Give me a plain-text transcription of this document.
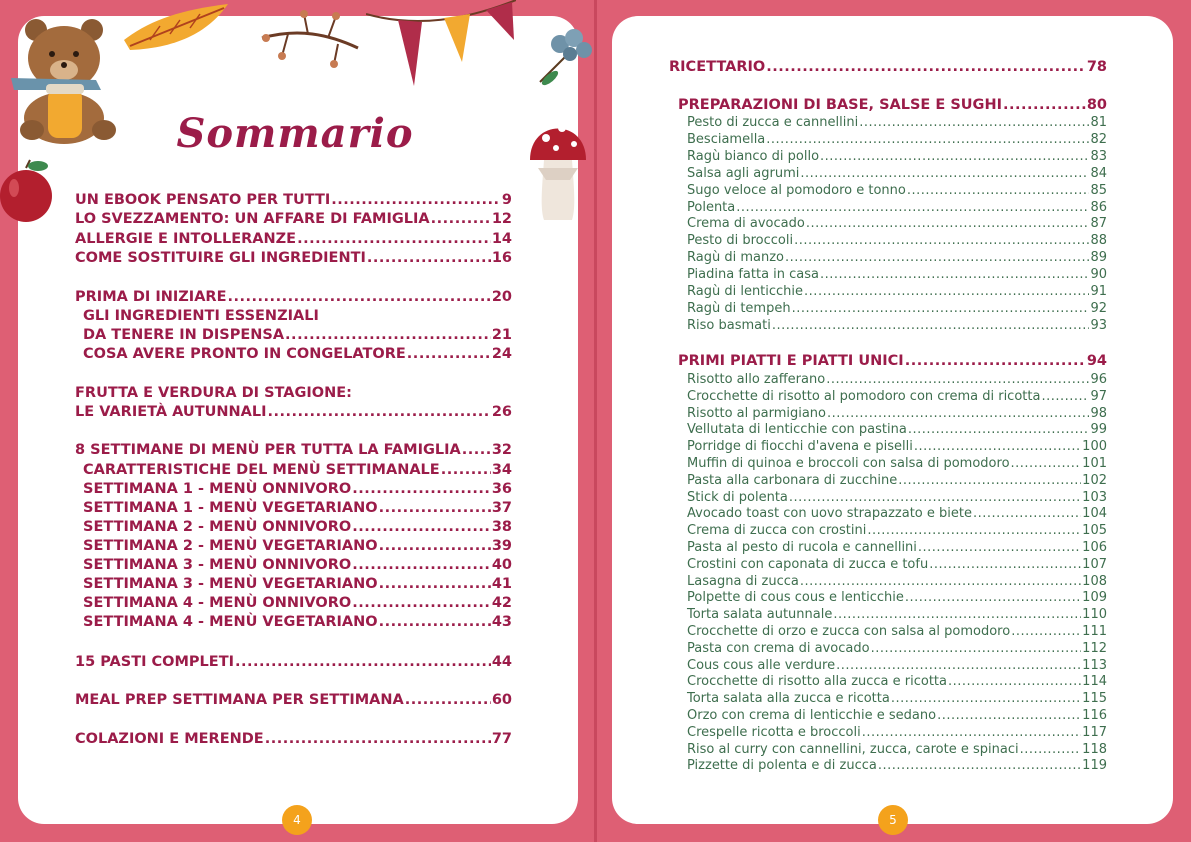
Sommario
UN EBOOK PENSATO PER TUTTI .....	9
LO SVEZZAMENTO: UN AFFARE DI FAMIGLIA .....	12
ALLERGIE E INTOLLERANZE .....	14
COME SOSTITUIRE GLI INGREDIENTI .....	16
PRIMA DI INIZIARE .....	20
GLI INGREDIENTI ESSENZIALI
DA TENERE IN DISPENSA .....	21
COSA AVERE PRONTO IN CONGELATORE .....	24
FRUTTA E VERDURA DI STAGIONE:
LE VARIETÀ AUTUNNALI .....	26
8 SETTIMANE DI MENÙ PER TUTTA LA FAMIGLIA ..... 32
CARATTERISTICHE DEL MENÙ SETTIMANALE .....	34
SETTIMANA 1 - MENÙ ONNIVORO .....	36
SETTIMANA 1 - MENÙ VEGETARIANO .....	37
SETTIMANA 2 - MENÙ ONNIVORO .....	38
SETTIMANA 2 - MENÙ VEGETARIANO .....	39
SETTIMANA 3 - MENÙ ONNIVORO .....	40
SETTIMANA 3 - MENÙ VEGETARIANO .....	41
SETTIMANA 4 - MENÙ ONNIVORO .....	42
SETTIMANA 4 - MENÙ VEGETARIANO .....	43
15 PASTI COMPLETI .....	44
MEAL PREP SETTIMANA PER SETTIMANA .....	60
COLAZIONI E MERENDE .....	77
4
RICETTARIO .....	78
PREPARAZIONI DI BASE, SALSE E SUGHI .....	80
Pesto di zucca e cannellini .....	81
Besciamella .....	82
Ragù bianco di pollo .....	83
Salsa agli agrumi .....	84
Sugo veloce al pomodoro e tonno .....	85
Polenta .....	86
Crema di avocado .....	87
Pesto di broccoli .....	88
Ragù di manzo .....	89
Piadina fatta in casa .....	90
Ragù di lenticchie .....	91
Ragù di tempeh .....	92
Riso basmati .....	93
PRIMI PIATTI E PIATTI UNICI .....	94
Risotto allo zafferano .....	96
Crocchette di risotto al pomodoro con crema di ricotta .....	97
Risotto al parmigiano .....	98
Vellutata di lenticchie con pastina .....	99
Porridge di fiocchi d'avena e piselli .....	100
Muffin di quinoa e broccoli con salsa di pomodoro .....	101
Pasta alla carbonara di zucchine .....	102
Stick di polenta .....	103
Avocado toast con uovo strapazzato e biete .....	104
Crema di zucca con crostini .....	105
Pasta al pesto di rucola e cannellini .....	106
Crostini con caponata di zucca e tofu .....	107
Lasagna di zucca .....	108
Polpette di cous cous e lenticchie .....	109
Torta salata autunnale .....	110
Crocchette di orzo e zucca con salsa al pomodoro .....	111
Pasta con crema di avocado .....	112
Cous cous alle verdure .....	113
Crocchette di risotto alla zucca e ricotta .....	114
Torta salata alla zucca e ricotta .....	115
Orzo con crema di lenticchie e sedano .....	116
Crespelle ricotta e broccoli .....	117
Riso al curry con cannellini, zucca, carote e spinaci .....	118
Pizzette di polenta e di zucca .....	119
5
